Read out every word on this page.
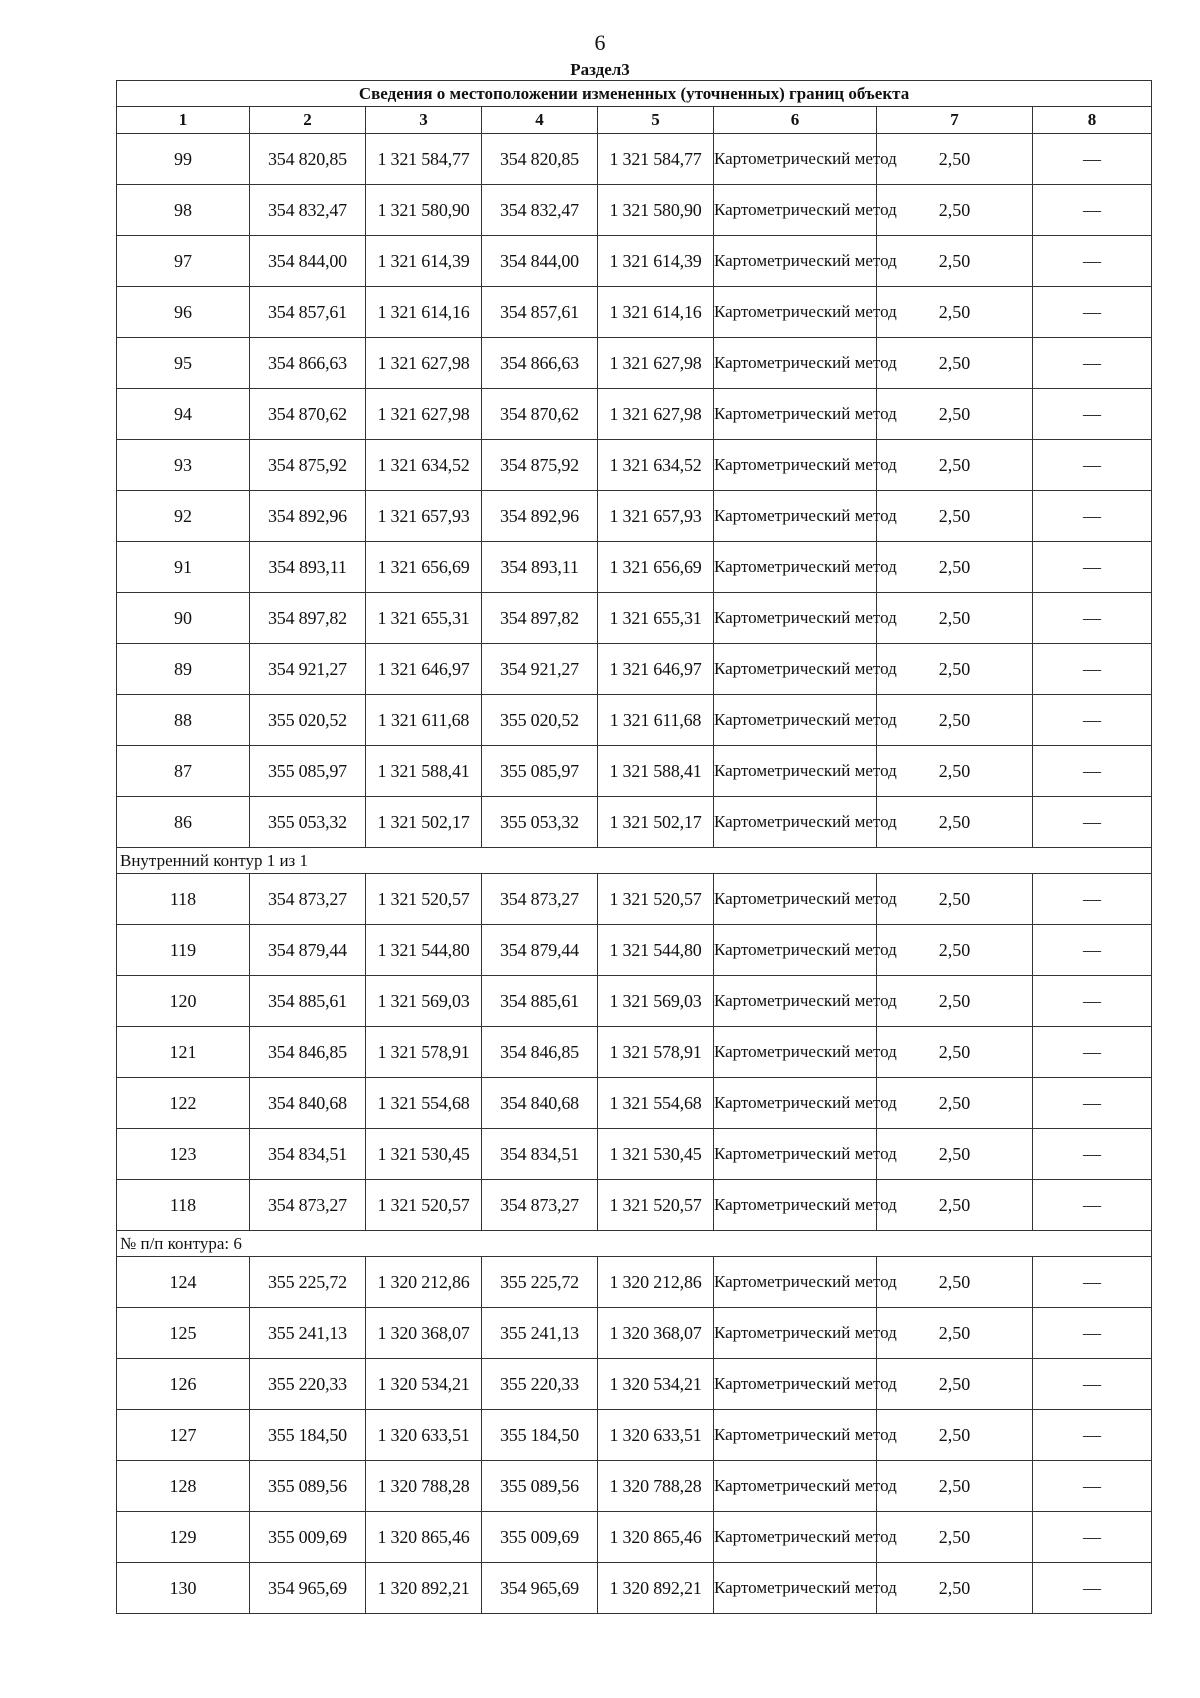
6
Раздел3
Сведения о местоположении измененных (уточненных) границ объекта							
1	2	3	4	5	6	7	8
99	354 820,85	1 321 584,77	354 820,85	1 321 584,77	Картометрический метод	2,50	—
98	354 832,47	1 321 580,90	354 832,47	1 321 580,90	Картометрический метод	2,50	—
97	354 844,00	1 321 614,39	354 844,00	1 321 614,39	Картометрический метод	2,50	—
96	354 857,61	1 321 614,16	354 857,61	1 321 614,16	Картометрический метод	2,50	—
95	354 866,63	1 321 627,98	354 866,63	1 321 627,98	Картометрический метод	2,50	—
94	354 870,62	1 321 627,98	354 870,62	1 321 627,98	Картометрический метод	2,50	—
93	354 875,92	1 321 634,52	354 875,92	1 321 634,52	Картометрический метод	2,50	—
92	354 892,96	1 321 657,93	354 892,96	1 321 657,93	Картометрический метод	2,50	—
91	354 893,11	1 321 656,69	354 893,11	1 321 656,69	Картометрический метод	2,50	—
90	354 897,82	1 321 655,31	354 897,82	1 321 655,31	Картометрический метод	2,50	—
89	354 921,27	1 321 646,97	354 921,27	1 321 646,97	Картометрический метод	2,50	—
88	355 020,52	1 321 611,68	355 020,52	1 321 611,68	Картометрический метод	2,50	—
87	355 085,97	1 321 588,41	355 085,97	1 321 588,41	Картометрический метод	2,50	—
86	355 053,32	1 321 502,17	355 053,32	1 321 502,17	Картометрический метод	2,50	—
Внутренний контур 1 из 1							
118	354 873,27	1 321 520,57	354 873,27	1 321 520,57	Картометрический метод	2,50	—
119	354 879,44	1 321 544,80	354 879,44	1 321 544,80	Картометрический метод	2,50	—
120	354 885,61	1 321 569,03	354 885,61	1 321 569,03	Картометрический метод	2,50	—
121	354 846,85	1 321 578,91	354 846,85	1 321 578,91	Картометрический метод	2,50	—
122	354 840,68	1 321 554,68	354 840,68	1 321 554,68	Картометрический метод	2,50	—
123	354 834,51	1 321 530,45	354 834,51	1 321 530,45	Картометрический метод	2,50	—
118	354 873,27	1 321 520,57	354 873,27	1 321 520,57	Картометрический метод	2,50	—
№ п/п контура: 6							
124	355 225,72	1 320 212,86	355 225,72	1 320 212,86	Картометрический метод	2,50	—
125	355 241,13	1 320 368,07	355 241,13	1 320 368,07	Картометрический метод	2,50	—
126	355 220,33	1 320 534,21	355 220,33	1 320 534,21	Картометрический метод	2,50	—
127	355 184,50	1 320 633,51	355 184,50	1 320 633,51	Картометрический метод	2,50	—
128	355 089,56	1 320 788,28	355 089,56	1 320 788,28	Картометрический метод	2,50	—
129	355 009,69	1 320 865,46	355 009,69	1 320 865,46	Картометрический метод	2,50	—
130	354 965,69	1 320 892,21	354 965,69	1 320 892,21	Картометрический метод	2,50	—
